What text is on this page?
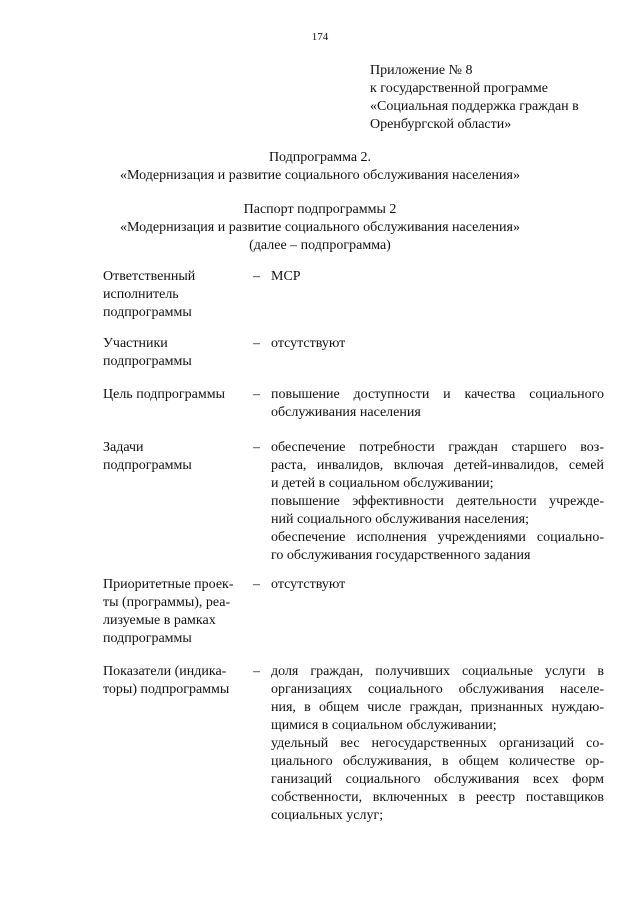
174
Приложение № 8
к государственной программе
«Социальная поддержка граждан в
Оренбургской области»
Подпрограмма 2.
«Модернизация и развитие социального обслуживания населения»
Паспорт подпрограммы 2
«Модернизация и развитие социального обслуживания населения»
(далее – подпрограмма)
Ответственный
исполнитель
подпрограммы
– МСР
Участники
подпрограммы
– отсутствуют
Цель подпрограммы	– повышение доступности и качества социального
обслуживания населения
Задачи
подпрограммы
– обеспечение потребности граждан старшего воз-
раста, инвалидов, включая детей-инвалидов, семей
и детей в социальном обслуживании;
повышение эффективности деятельности учрежде-
ний социального обслуживания населения;
обеспечение исполнения учреждениями социально-
го обслуживания государственного задания
Приоритетные проек-
ты (программы), реа-
лизуемые в рамках
подпрограммы
– отсутствуют
Показатели (индика-
торы) подпрограммы
– доля граждан, получивших социальные услуги в
организациях социального обслуживания населе-
ния, в общем числе граждан, признанных нуждаю-
щимися в социальном обслуживании;
удельный вес негосударственных организаций со-
циального обслуживания, в общем количестве ор-
ганизаций социального обслуживания всех форм
собственности, включенных в реестр поставщиков
социальных услуг;
